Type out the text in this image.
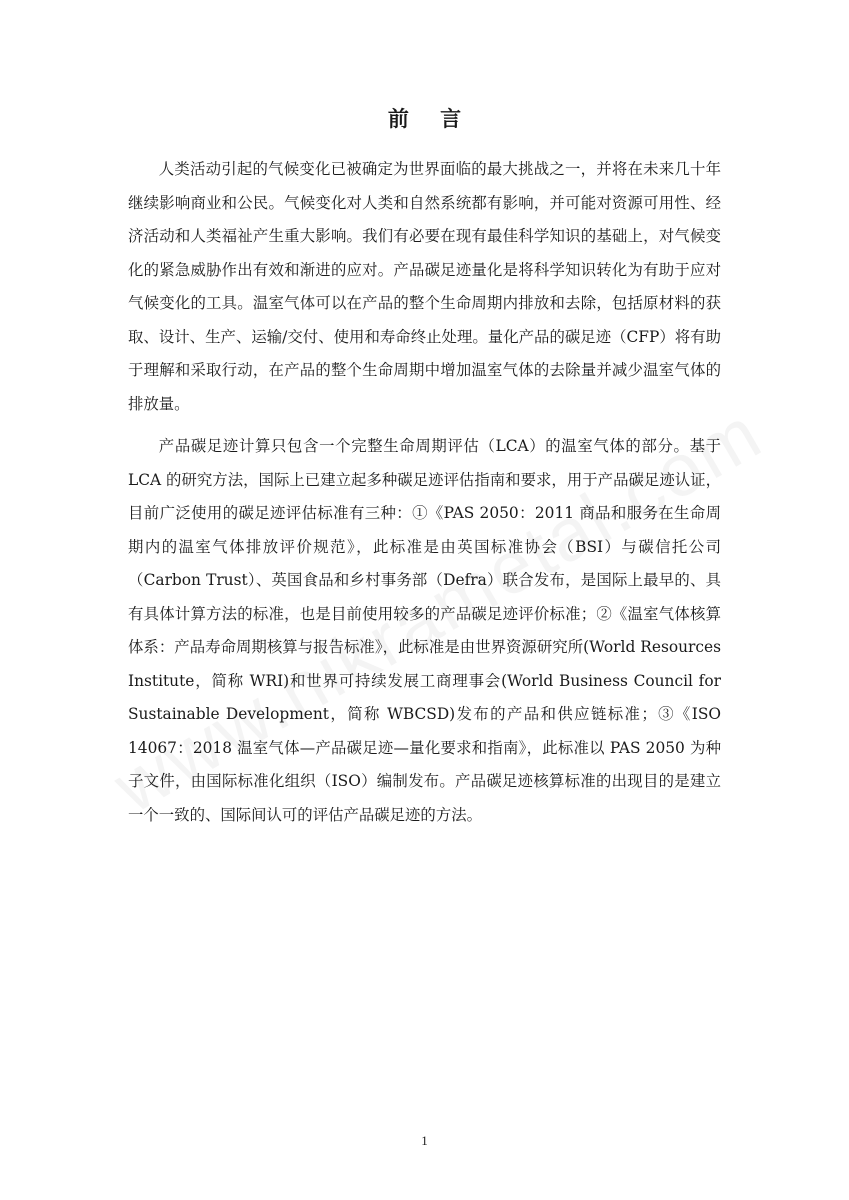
前 言

人类活动引起的气候变化已被确定为世界面临的最大挑战之一，并将在未来几十年继续影响商业和公民。气候变化对人类和自然系统都有影响，并可能对资源可用性、经济活动和人类福祉产生重大影响。我们有必要在现有最佳科学知识的基础上，对气候变化的紧急威胁作出有效和渐进的应对。产品碳足迹量化是将科学知识转化为有助于应对气候变化的工具。温室气体可以在产品的整个生命周期内排放和去除，包括原材料的获取、设计、生产、运输/交付、使用和寿命终止处理。量化产品的碳足迹（CFP）将有助于理解和采取行动，在产品的整个生命周期中增加温室气体的去除量并减少温室气体的排放量。

产品碳足迹计算只包含一个完整生命周期评估（LCA）的温室气体的部分。基于 LCA 的研究方法，国际上已建立起多种碳足迹评估指南和要求，用于产品碳足迹认证，目前广泛使用的碳足迹评估标准有三种：①《PAS 2050：2011 商品和服务在生命周期内的温室气体排放评价规范》，此标准是由英国标准协会（BSI）与碳信托公司（Carbon Trust）、英国食品和乡村事务部（Defra）联合发布，是国际上最早的、具有具体计算方法的标准，也是目前使用较多的产品碳足迹评价标准；②《温室气体核算体系：产品寿命周期核算与报告标准》，此标准是由世界资源研究所(World Resources Institute，简称 WRI)和世界可持续发展工商理事会(World Business Council for Sustainable Development，简称 WBCSD)发布的产品和供应链标准；③《ISO 14067：2018 温室气体—产品碳足迹—量化要求和指南》，此标准以 PAS 2050 为种子文件，由国际标准化组织（ISO）编制发布。产品碳足迹核算标准的出现目的是建立一个一致的、国际间认可的评估产品碳足迹的方法。

1
